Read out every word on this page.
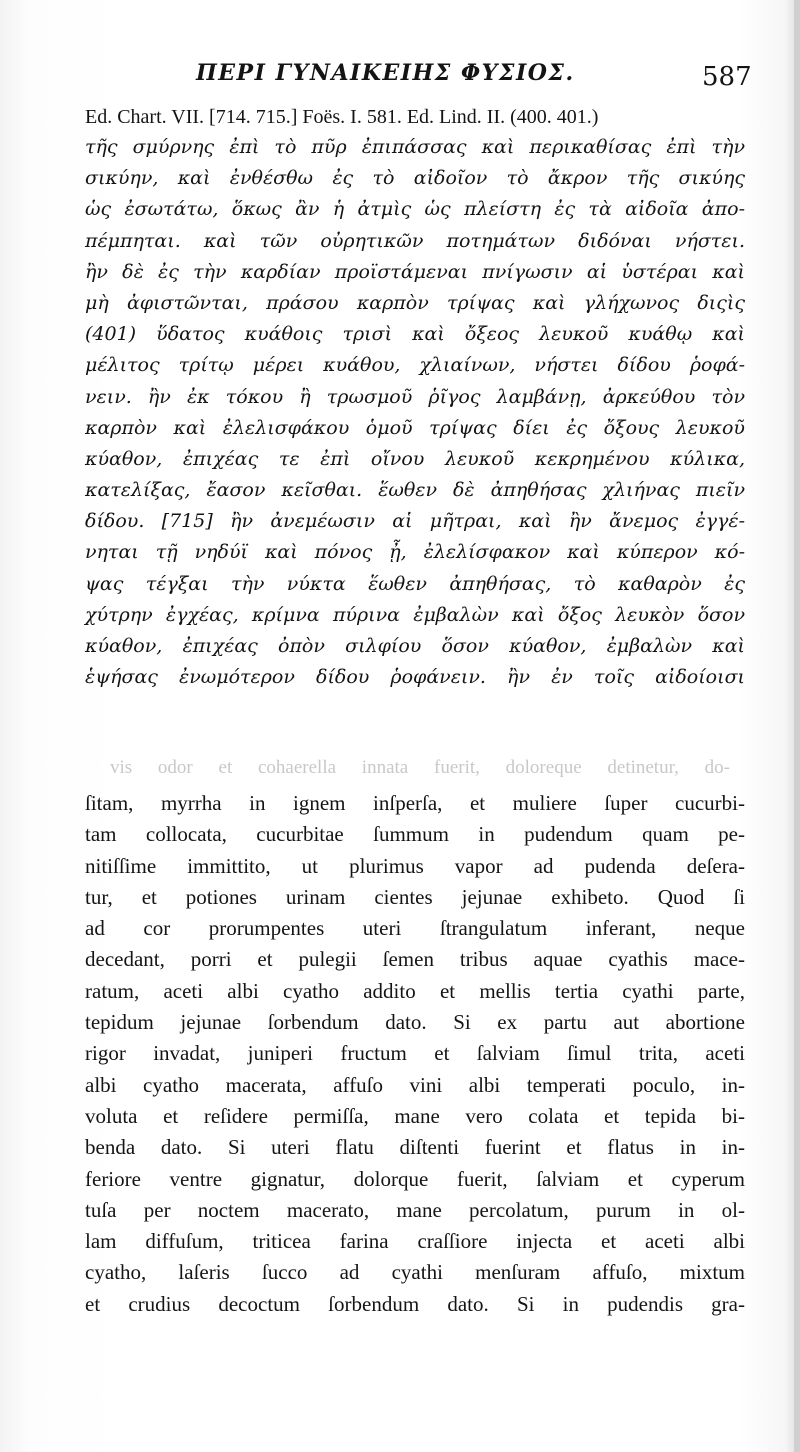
ΠΕΡΙ ΓΥΝΑΙΚΕΙΗΣ ΦΥΣΙΟΣ.	587
Ed. Chart. VII. [714. 715.] Foës. I. 581. Ed. Lind. II. (400. 401.)
τῆς σμύρνης ἐπὶ τὸ πῦρ ἐπιπάσσας καὶ περικαθίσας ἐπὶ τὴν
σικύην, καὶ ἐνθέσθω ἐς τὸ αἰδοῖον τὸ ἄκρον τῆς σικύης
ὡς ἐσωτάτω, ὅκως ἂν ἡ ἀτμὶς ὡς πλείστη ἐς τὰ αἰδοῖα ἀπο-
πέμπηται. καὶ τῶν οὐρητικῶν ποτημάτων διδόναι νήστει.
ἢν δὲ ἐς τὴν καρδίαν προϊστάμεναι πνίγωσιν αἱ ὑστέραι καὶ
μὴ ἀφιστῶνται, πράσου καρπὸν τρίψας καὶ γλήχωνος διςὶς
(401) ὕδατος κυάθοις τρισὶ καὶ ὄξεος λευκοῦ κυάθῳ καὶ
μέλιτος τρίτῳ μέρει κυάθου, χλιαίνων, νήστει δίδου ῥοφά-
νειν. ἢν ἐκ τόκου ἢ τρωσμοῦ ῥῖγος λαμβάνῃ, ἀρκεύθου τὸν
καρπὸν καὶ ἐλελισφάκου ὁμοῦ τρίψας δίει ἐς ὄξους λευκοῦ
κύαθον, ἐπιχέας τε ἐπὶ οἴνου λευκοῦ κεκρημένου κύλικα,
κατελίξας, ἔασον κεῖσθαι. ἕωθεν δὲ ἀπηθήσας χλιήνας πιεῖν
δίδου. [715] ἢν ἀνεμέωσιν αἱ μῆτραι, καὶ ἢν ἄνεμος ἐγγέ-
νηται τῇ νηδύϊ καὶ πόνος ᾖ, ἐλελίσφακον καὶ κύπερον κό-
ψας τέγξαι τὴν νύκτα ἕωθεν ἀπηθήσας, τὸ καθαρὸν ἐς
χύτρην ἐγχέας, κρίμνα πύρινα ἐμβαλὼν καὶ ὄξος λευκὸν ὅσον
κύαθον, ἐπιχέας ὀπὸν σιλφίου ὅσον κύαθον, ἐμβαλὼν καὶ
ἑψήσας ἐνωμότερον δίδου ῥοφάνειν. ἢν ἐν τοῖς αἰδοίοισι
vis odor et cohaerella innata fuerit, doloreque detinetur, do-
ſitam, myrrha in ignem inſperſa, et muliere ſuper cucurbi-
tam collocata, cucurbitae ſummum in pudendum quam pe-
nitiſſime immittito, ut plurimus vapor ad pudenda deſera-
tur, et potiones urinam cientes jejunae exhibeto. Quod ſi
ad cor prorumpentes uteri ſtrangulatum inferant, neque
decedant, porri et pulegii ſemen tribus aquae cyathis mace-
ratum, aceti albi cyatho addito et mellis tertia cyathi parte,
tepidum jejunae ſorbendum dato. Si ex partu aut abortione
rigor invadat, juniperi fructum et ſalviam ſimul trita, aceti
albi cyatho macerata, affuſo vini albi temperati poculo, in-
voluta et reſidere permiſſa, mane vero colata et tepida bi-
benda dato. Si uteri flatu diſtenti fuerint et flatus in in-
feriore ventre gignatur, dolorque fuerit, ſalviam et cyperum
tuſa per noctem macerato, mane percolatum, purum in ol-
lam diffuſum, triticea farina craſſiore injecta et aceti albi
cyatho, laſeris ſucco ad cyathi menſuram affuſo, mixtum
et crudius decoctum ſorbendum dato. Si in pudendis gra-
